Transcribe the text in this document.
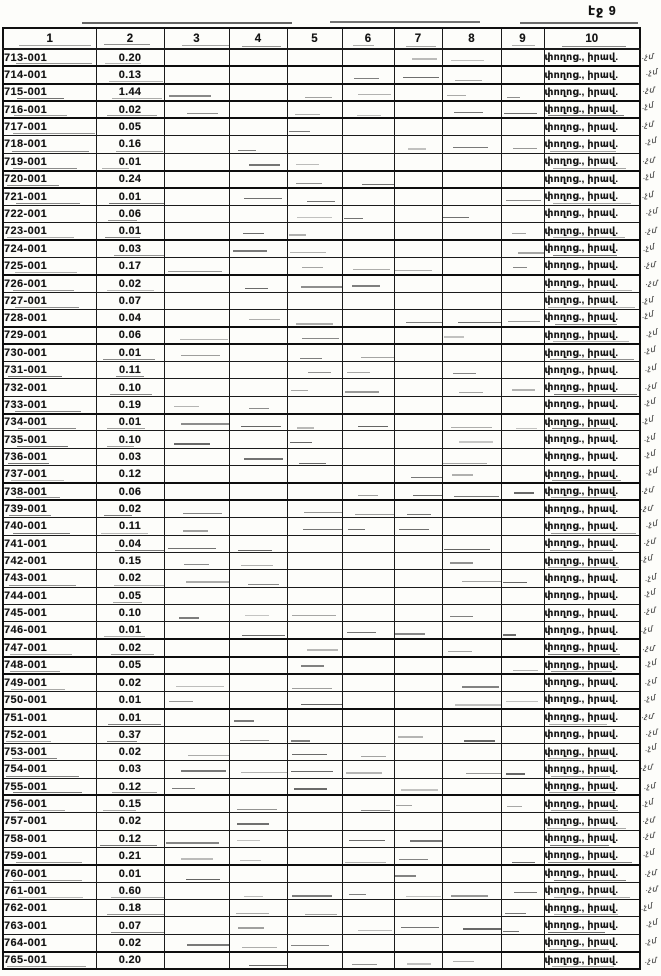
էջ 9
1	2	3	4	5	6	7	8	9	10

713-001	0.20								փողոց., իրավ.
714-001	0.13								փողոց., իրավ.
715-001	1.44								փողոց., իրավ.
716-001	0.02								փողոց., իրավ.

717-001	0.05								փողոց., իրավ.
718-001	0.16								փողոց., իրավ.

719-001	0.01								փողոց., իրավ.

720-001	0.24								փողոց., իրավ.
721-001	0.01								փողոց., իրավ.

722-001	0.06								փողոց., իրավ.
723-001	0.01								փողոց., իրավ.

724-001	0.03								փողոց., իրավ.

725-001	0.17								փողոց., իրավ.
726-001	0.02								փողոց., իրավ.

727-001	0.07								փողոց., իրավ.

728-001	0.04								փողոց., իրավ.

729-001	0.06								փողոց., իրավ.

730-001	0.01								փողոց., իրավ.

731-001	0.11								փողոց., իրավ.
732-001	0.10								փողոց., իրավ.

733-001	0.19								փողոց., իրավ.
734-001	0.01								փողոց., իրավ.

735-001	0.10								փողոց., իրավ.
736-001	0.03								փողոց., իրավ.
737-001	0.12								փողոց., իրավ.

738-001	0.06								փողոց., իրավ.

739-001	0.02								փողոց., իրավ.
740-001	0.11								փողոց., իրավ.

741-001	0.04								փողոց., իրավ.

742-001	0.15								փողոց., իրավ.

743-001	0.02								փողոց., իրավ.
744-001	0.05								փողոց., իրավ.
745-001	0.10								փողոց., իրավ.
746-001	0.01								փողոց., իրավ.
747-001	0.02								փողոց., իրավ.

748-001	0.05								փողոց., իրավ.

749-001	0.02								փողոց., իրավ.
750-001	0.01								փողոց., իրավ.
751-001	0.01								փողոց., իրավ.

752-001	0.37								փողոց., իրավ.
753-001	0.02								փողոց., իրավ.

754-001	0.03								փողոց., իրավ.

755-001	0.12								փողոց., իրավ.

756-001	0.15								փողոց., իրավ.

757-001	0.02								փողոց., իրավ.

758-001	0.12								փողոց., իրավ.

759-001	0.21								փողոց., իրավ.

760-001	0.01								փողոց., իրավ.

761-001	0.60								փողոց., իրավ.

762-001	0.18								փողոց., իրավ.

763-001	0.07								փողոց., իրավ.

764-001	0.02								փողոց., իրավ.

765-001	0.20								փողոց., իրավ.
.չմ
.չմ
.չմ
.չմ
.չմ
.չմ
.չմ
.չմ
.չմ
.չմ
.չմ
.չմ
.չմ
.չմ
.չմ
.չմ
.չմ
.չմ
.չմ
.չմ
.չմ
.չմ
.չմ
.չմ
.չմ
.չմ
.չմ
.չմ
.չմ
.չմ
.չմ
.չմ
.չմ
.չմ
.չմ
.չմ
.չմ
.չմ
.չմ
.չմ
.չմ
.չմ
.չմ
.չմ
.չմ
.չմ
.չմ
.չմ
.չմ
.չմ
.չմ
.չմ
.չմ
